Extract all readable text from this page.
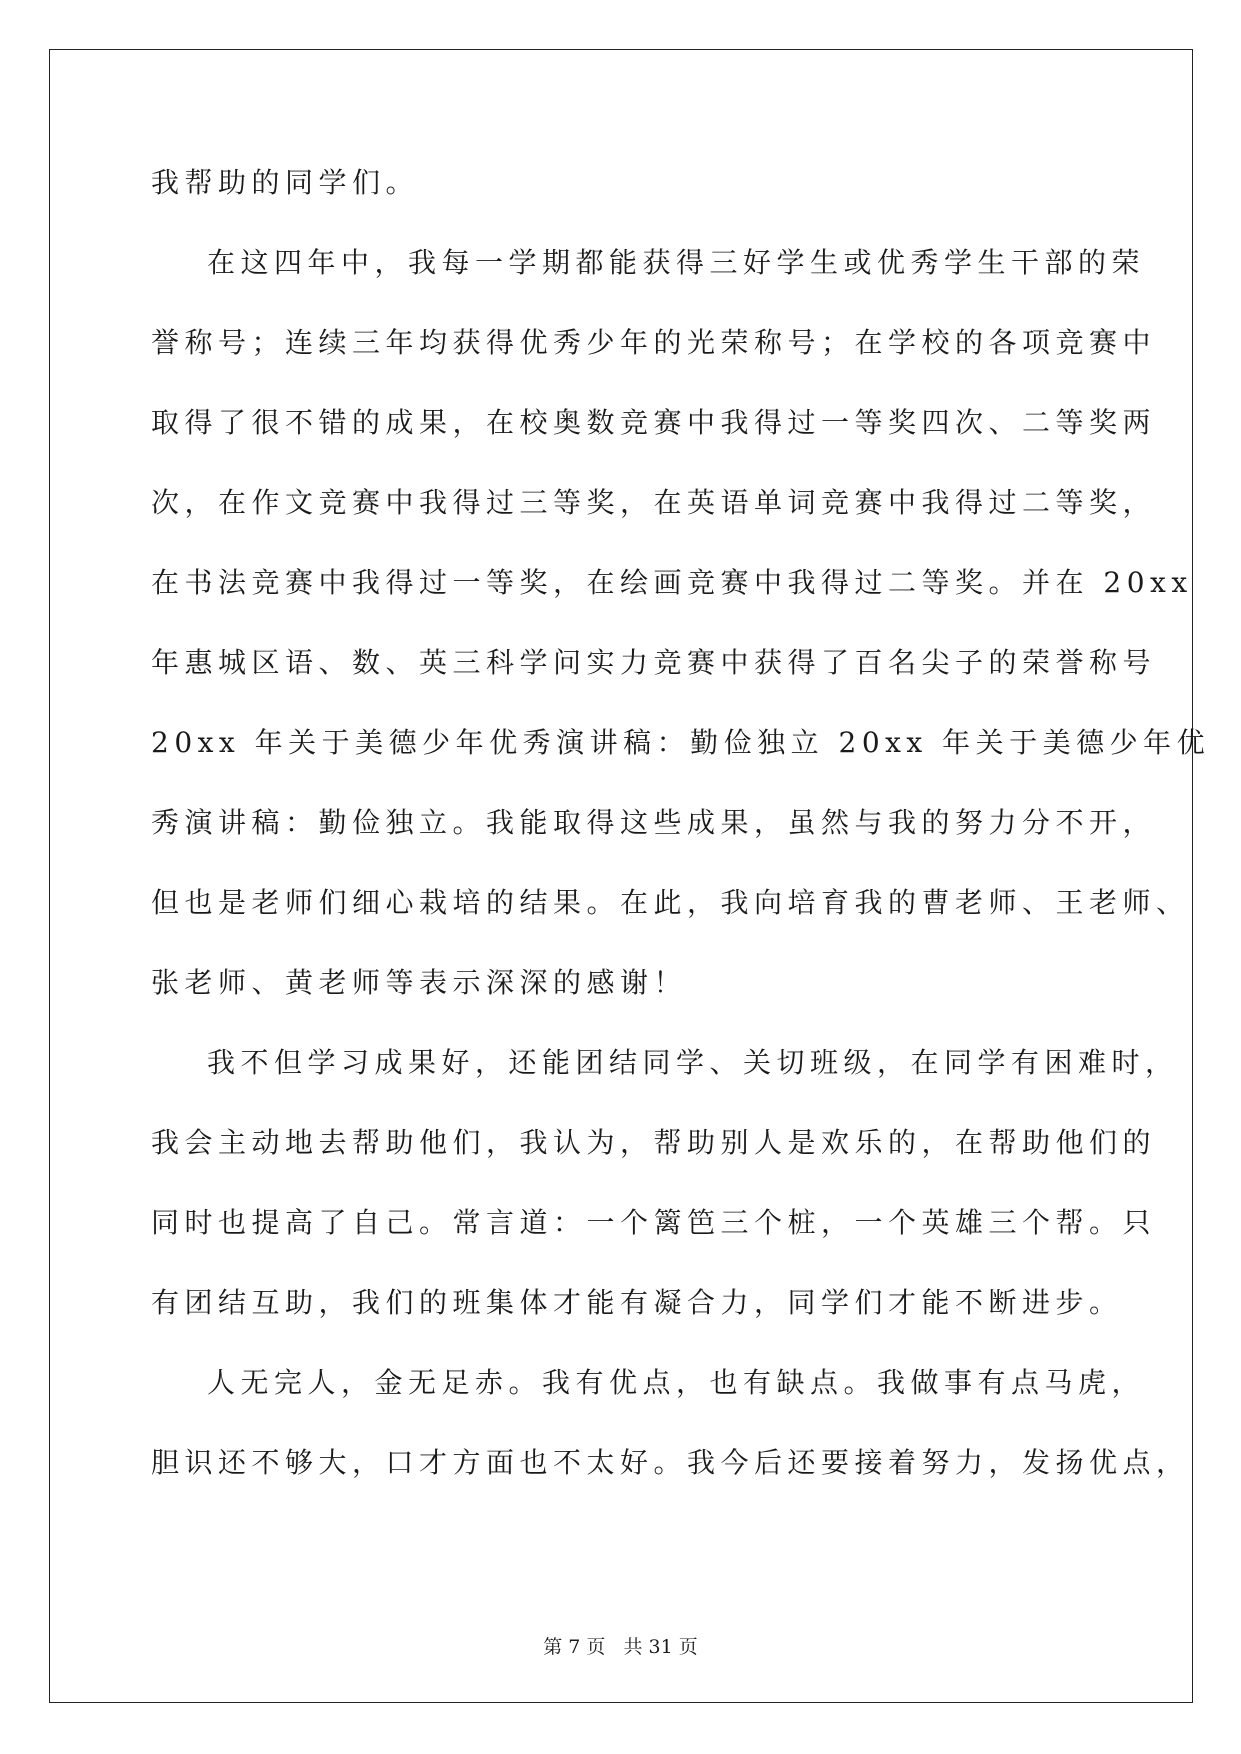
我帮助的同学们。
在这四年中，我每一学期都能获得三好学生或优秀学生干部的荣
誉称号；连续三年均获得优秀少年的光荣称号；在学校的各项竞赛中
取得了很不错的成果，在校奥数竞赛中我得过一等奖四次、二等奖两
次，在作文竞赛中我得过三等奖，在英语单词竞赛中我得过二等奖，
在书法竞赛中我得过一等奖，在绘画竞赛中我得过二等奖。并在 20xx
年惠城区语、数、英三科学问实力竞赛中获得了百名尖子的荣誉称号
20xx 年关于美德少年优秀演讲稿：勤俭独立 20xx 年关于美德少年优
秀演讲稿：勤俭独立。我能取得这些成果，虽然与我的努力分不开，
但也是老师们细心栽培的结果。在此，我向培育我的曹老师、王老师、
张老师、黄老师等表示深深的感谢！
我不但学习成果好，还能团结同学、关切班级，在同学有困难时，
我会主动地去帮助他们，我认为，帮助别人是欢乐的，在帮助他们的
同时也提高了自己。常言道：一个篱笆三个桩，一个英雄三个帮。只
有团结互助，我们的班集体才能有凝合力，同学们才能不断进步。
人无完人，金无足赤。我有优点，也有缺点。我做事有点马虎，
胆识还不够大，口才方面也不太好。我今后还要接着努力，发扬优点，
第 7 页   共 31 页
